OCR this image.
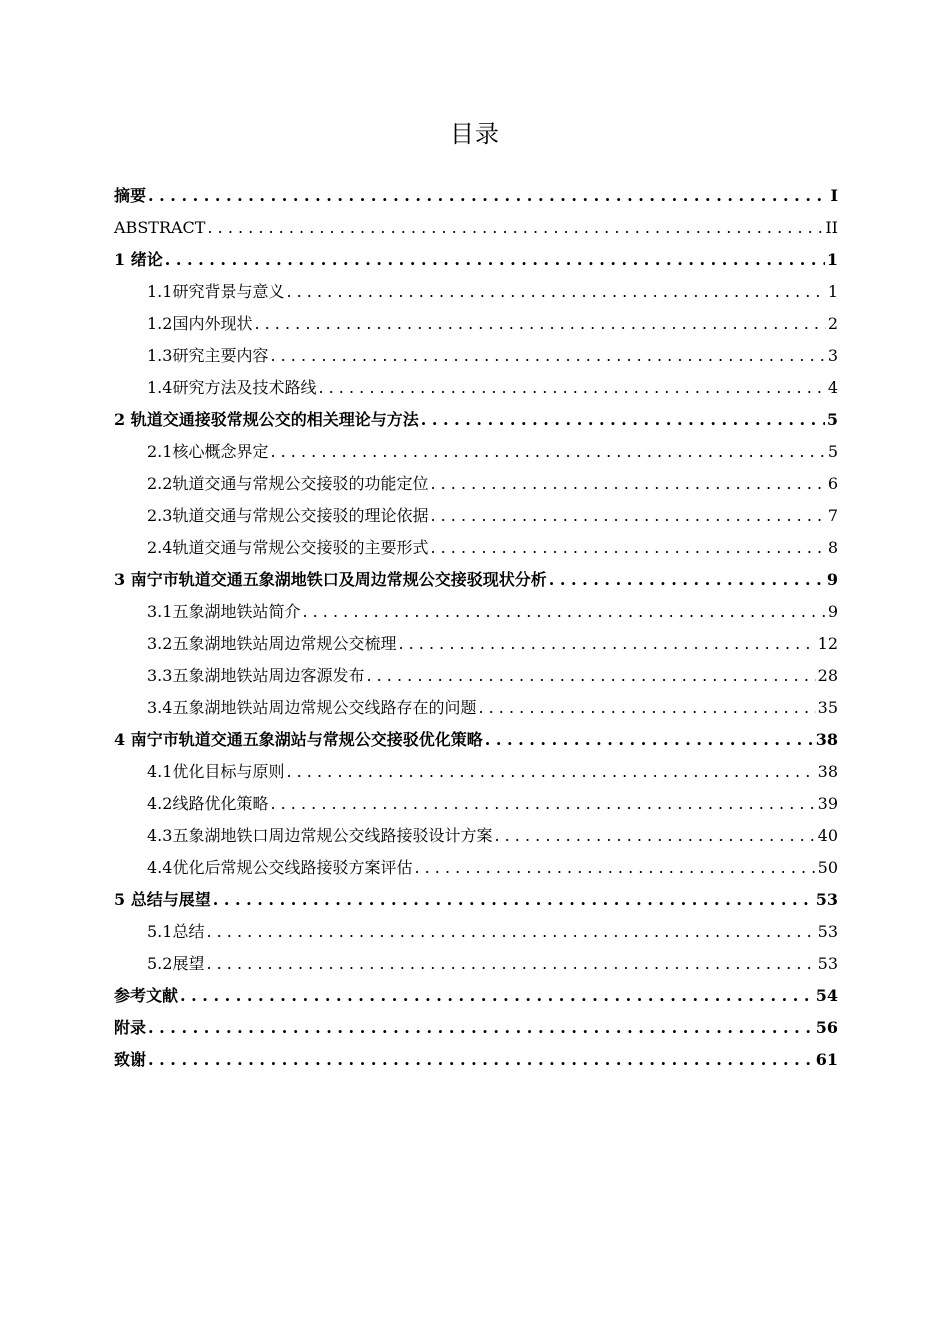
目录
摘要 . . .	I
ABSTRACT . . .	II
1 绪论 . . .	1
1.1研究背景与意义 . . .	1
1.2国内外现状 . . .	2
1.3研究主要内容 . . .	3
1.4研究方法及技术路线 . . .	4
2 轨道交通接驳常规公交的相关理论与方法 . . .	5
2.1核心概念界定 . . .	5
2.2轨道交通与常规公交接驳的功能定位 . . .	6
2.3轨道交通与常规公交接驳的理论依据 . . .	7
2.4轨道交通与常规公交接驳的主要形式 . . .	8
3 南宁市轨道交通五象湖地铁口及周边常规公交接驳现状分析 . . .	9
3.1五象湖地铁站简介 . . .	9
3.2五象湖地铁站周边常规公交梳理 . . .	12
3.3五象湖地铁站周边客源发布 . . .	28
3.4五象湖地铁站周边常规公交线路存在的问题 . . .	35
4 南宁市轨道交通五象湖站与常规公交接驳优化策略 . . .	38
4.1优化目标与原则 . . .	38
4.2线路优化策略 . . .	39
4.3五象湖地铁口周边常规公交线路接驳设计方案 . . .	40
4.4优化后常规公交线路接驳方案评估 . . .	50
5 总结与展望 . . .	53
5.1总结 . . .	53
5.2展望 . . .	53
参考文献 . . .	54
附录 . . .	56
致谢 . . .	61
